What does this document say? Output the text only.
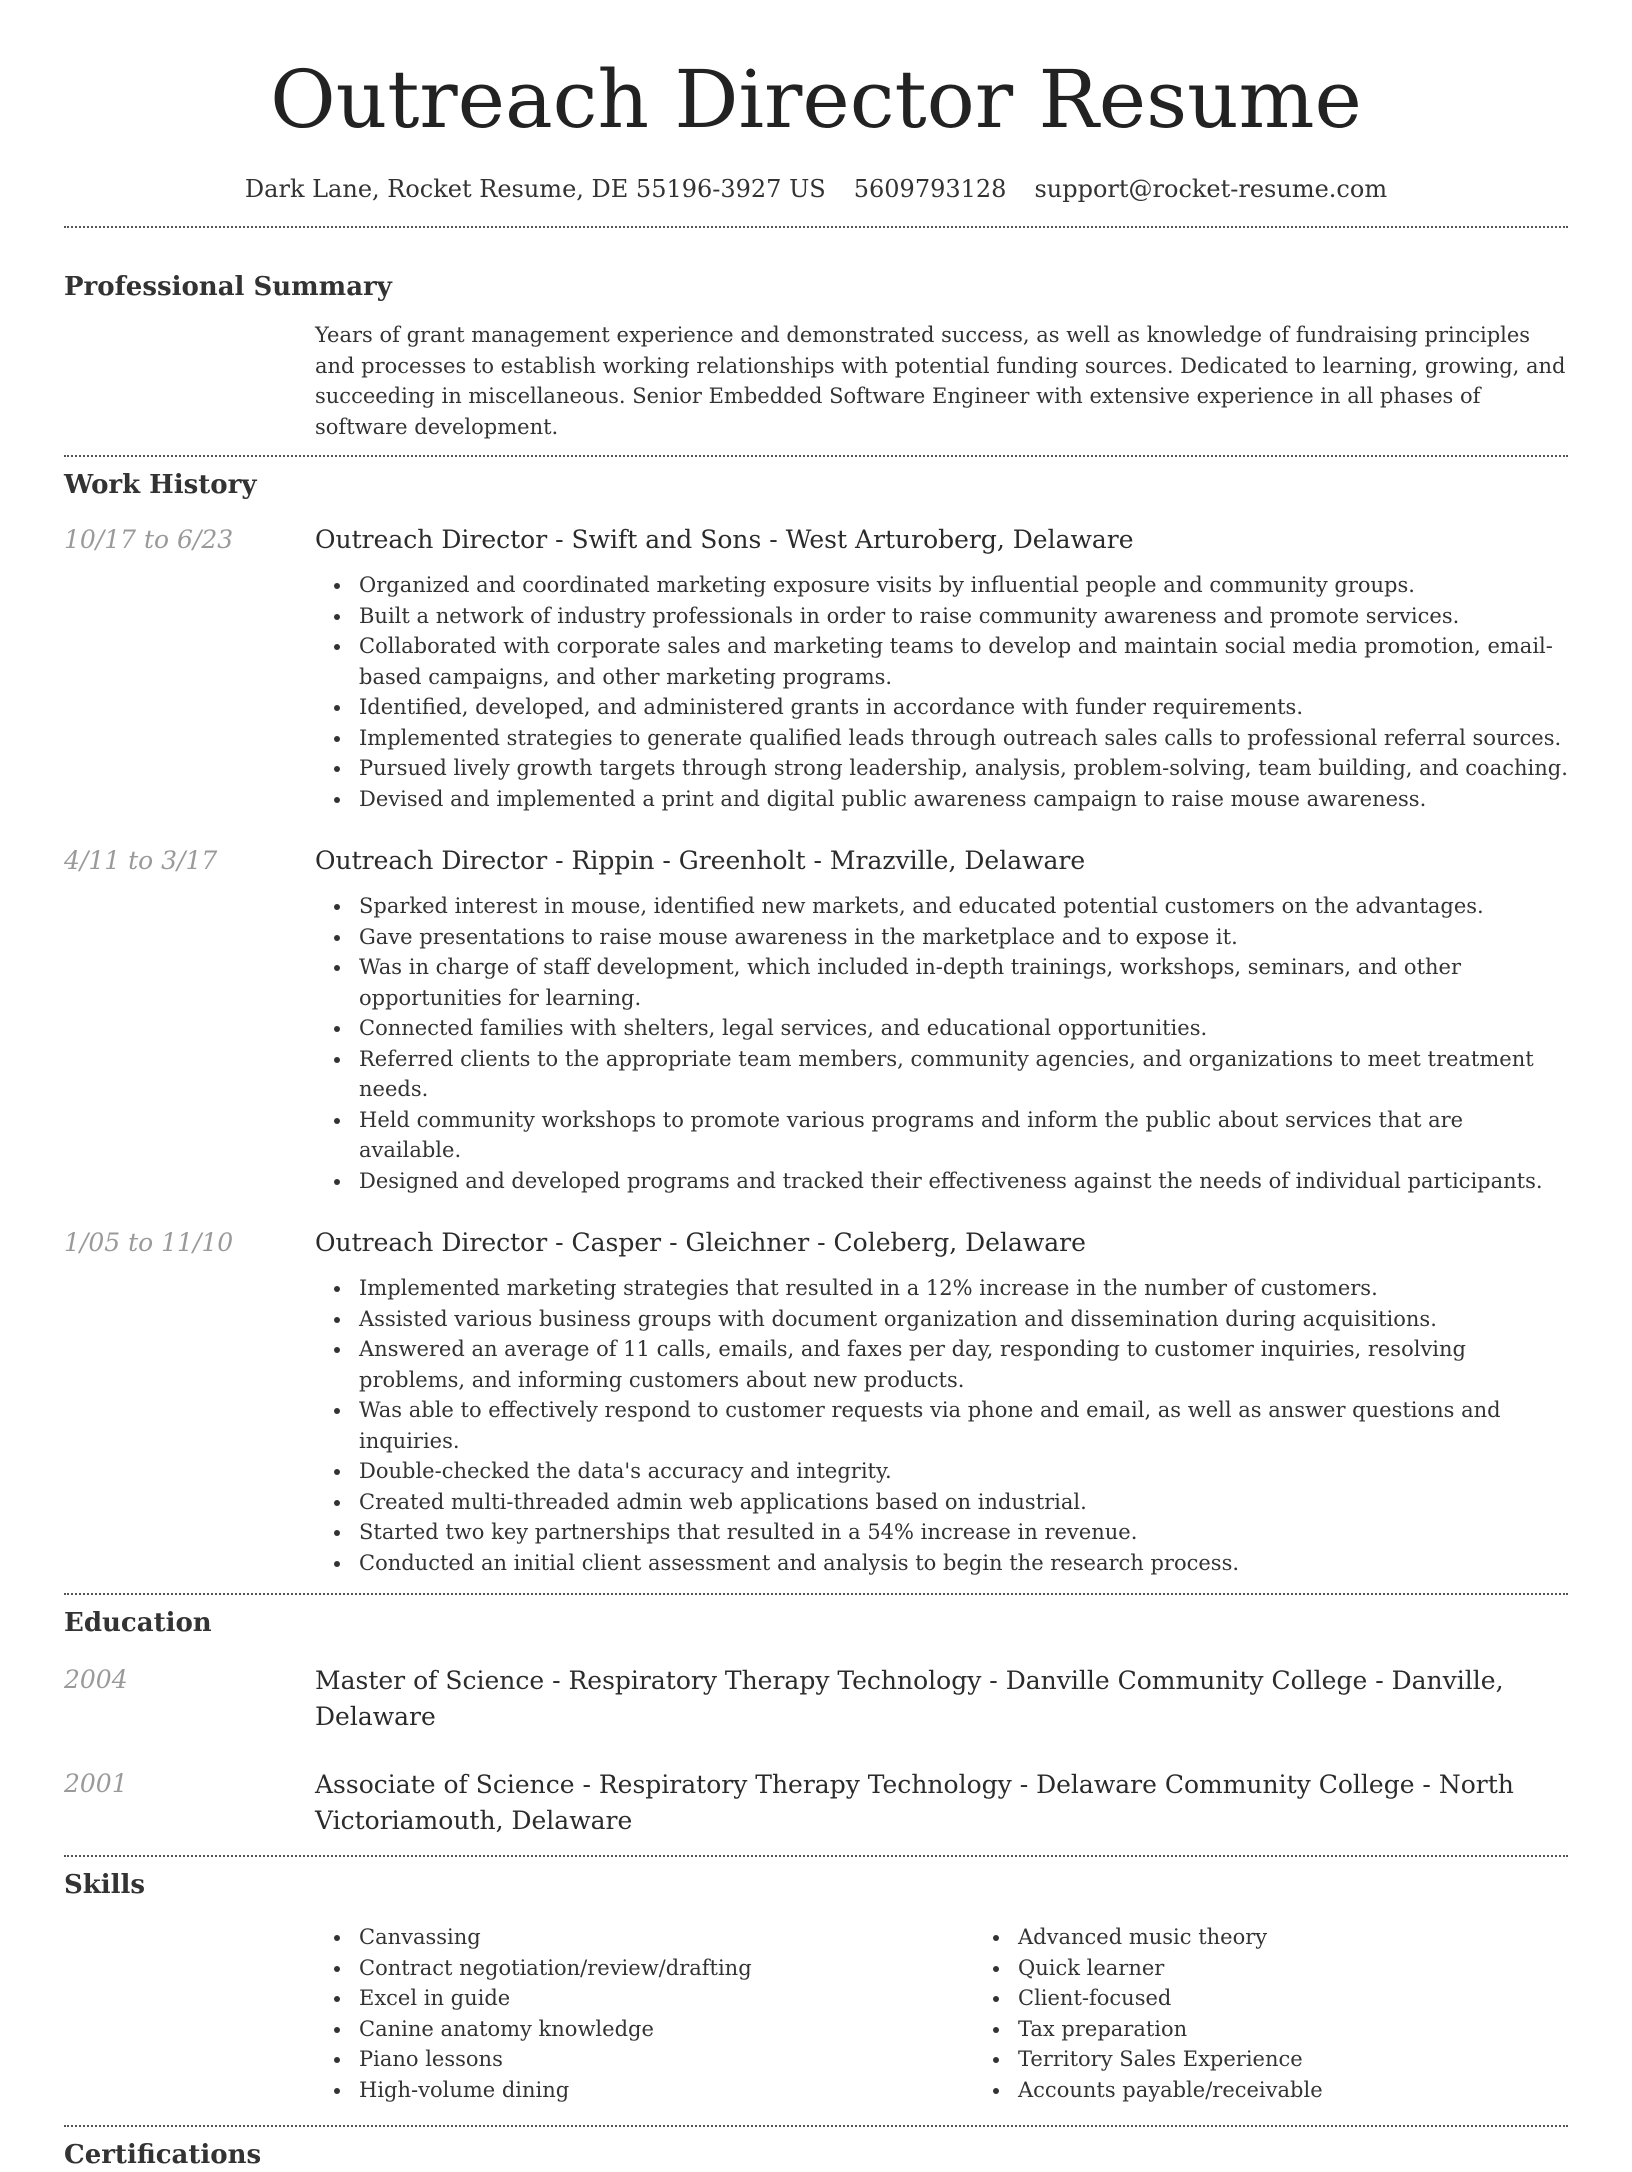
Outreach Director Resume
Dark Lane, Rocket Resume, DE 55196-3927 US 5609793128 support@rocket-resume.com
Professional Summary

Years of grant management experience and demonstrated success, as well as knowledge of fundraising principles and processes to establish working relationships with potential funding sources. Dedicated to learning, growing, and succeeding in miscellaneous. Senior Embedded Software Engineer with extensive experience in all phases of software development.

Work History
10/17 to 6/23	Outreach Director - Swift and Sons - West Arturoberg, Delaware
Organized and coordinated marketing exposure visits by influential people and community groups.
Built a network of industry professionals in order to raise community awareness and promote services.
Collaborated with corporate sales and marketing teams to develop and maintain social media promotion, email-based campaigns, and other marketing programs.
Identified, developed, and administered grants in accordance with funder requirements.
Implemented strategies to generate qualified leads through outreach sales calls to professional referral sources.
Pursued lively growth targets through strong leadership, analysis, problem-solving, team building, and coaching.
Devised and implemented a print and digital public awareness campaign to raise mouse awareness.
4/11 to 3/17	Outreach Director - Rippin - Greenholt - Mrazville, Delaware
Sparked interest in mouse, identified new markets, and educated potential customers on the advantages.
Gave presentations to raise mouse awareness in the marketplace and to expose it.
Was in charge of staff development, which included in-depth trainings, workshops, seminars, and other opportunities for learning.
Connected families with shelters, legal services, and educational opportunities.
Referred clients to the appropriate team members, community agencies, and organizations to meet treatment needs.
Held community workshops to promote various programs and inform the public about services that are available.
Designed and developed programs and tracked their effectiveness against the needs of individual participants.
1/05 to 11/10	Outreach Director - Casper - Gleichner - Coleberg, Delaware
Implemented marketing strategies that resulted in a 12% increase in the number of customers.
Assisted various business groups with document organization and dissemination during acquisitions.
Answered an average of 11 calls, emails, and faxes per day, responding to customer inquiries, resolving problems, and informing customers about new products.
Was able to effectively respond to customer requests via phone and email, as well as answer questions and inquiries.
Double-checked the data's accuracy and integrity.
Created multi-threaded admin web applications based on industrial.
Started two key partnerships that resulted in a 54% increase in revenue.
Conducted an initial client assessment and analysis to begin the research process.
Education
2004	Master of Science - Respiratory Therapy Technology - Danville Community College - Danville, Delaware
2001	Associate of Science - Respiratory Therapy Technology - Delaware Community College - North Victoriamouth, Delaware
Skills
Canvassing
Contract negotiation/review/drafting
Excel in guide
Canine anatomy knowledge
Piano lessons
High-volume dining
Advanced music theory
Quick learner
Client-focused
Tax preparation
Territory Sales Experience
Accounts payable/receivable
Certifications
